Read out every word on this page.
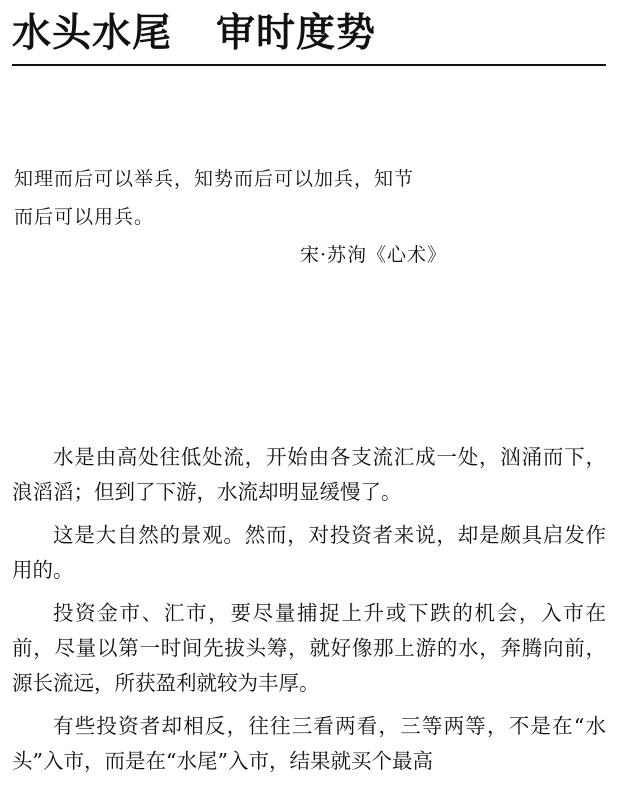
水头水尾 审时度势

知理而后可以举兵，知势而后可以加兵，知节

而后可以用兵。

宋·苏洵《心术》

水是由高处往低处流，开始由各支流汇成一处，汹涌而下，浪滔滔；但到了下游，水流却明显缓慢了。

这是大自然的景观。然而，对投资者来说，却是颇具启发作用的。

投资金市、汇市，要尽量捕捉上升或下跌的机会，入市在前，尽量以第一时间先拔头筹，就好像那上游的水，奔腾向前，源长流远，所获盈利就较为丰厚。

有些投资者却相反，往往三看两看，三等两等，不是在“水头”入市，而是在“水尾”入市，结果就买个最高
